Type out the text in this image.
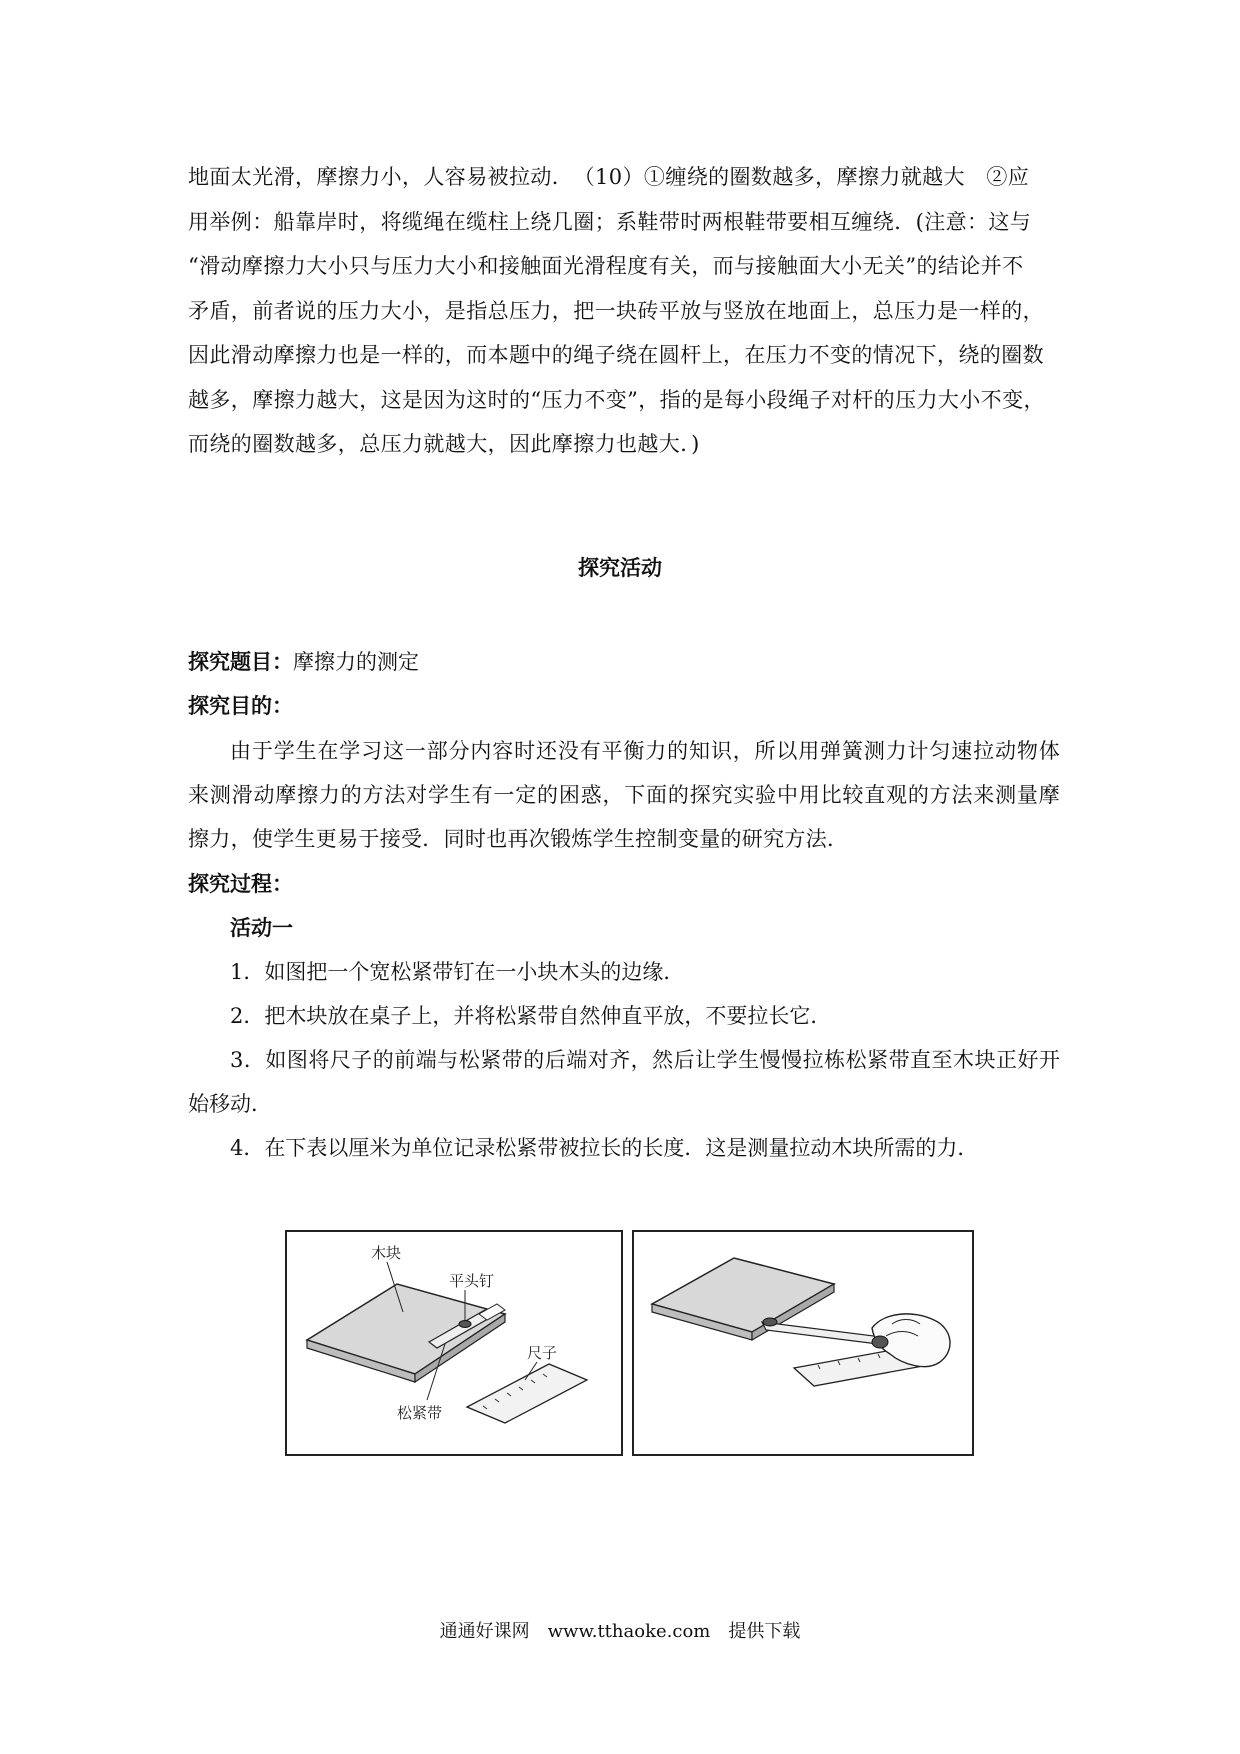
地面太光滑，摩擦力小，人容易被拉动．　（10）①缠绕的圈数越多，摩擦力就越大　②应

用举例：船靠岸时，将缆绳在缆柱上绕几圈；系鞋带时两根鞋带要相互缠绕．(注意：这与

“滑动摩擦力大小只与压力大小和接触面光滑程度有关，而与接触面大小无关”的结论并不

矛盾，前者说的压力大小，是指总压力，把一块砖平放与竖放在地面上，总压力是一样的，

因此滑动摩擦力也是一样的，而本题中的绳子绕在圆杆上，在压力不变的情况下，绕的圈数

越多，摩擦力越大，这是因为这时的“压力不变”，指的是每小段绳子对杆的压力大小不变，

而绕的圈数越多，总压力就越大，因此摩擦力也越大．)

探究活动
探究题目：摩擦力的测定
探究目的：
由于学生在学习这一部分内容时还没有平衡力的知识，所以用弹簧测力计匀速拉动物体来测滑动摩擦力的方法对学生有一定的困惑，下面的探究实验中用比较直观的方法来测量摩擦力，使学生更易于接受．同时也再次锻炼学生控制变量的研究方法．
探究过程：
活动一
1．如图把一个宽松紧带钉在一小块木头的边缘．
2．把木块放在桌子上，并将松紧带自然伸直平放，不要拉长它．
3．如图将尺子的前端与松紧带的后端对齐，然后让学生慢慢拉栋松紧带直至木块正好开始移动．
4．在下表以厘米为单位记录松紧带被拉长的长度．这是测量拉动木块所需的力．
木块
平头钉
尺子
松紧带
通通好课网　www.tthaoke.com　提供下载
